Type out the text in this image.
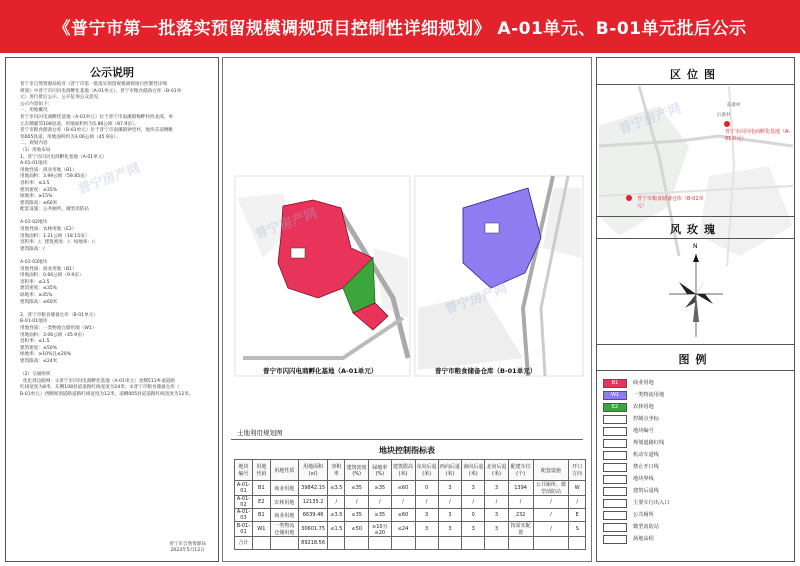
《普宁市第一批落实预留规模调规项目控制性详细规划》 A-01单元、B-01单元批后公示
公示说明
普宁市自然资源局拟对《普宁市第一批落实预留规模调规项目控制性详细
规划》中普宁市闪闪电商孵化基地（A-01单元）、普宁市粮食储备仓库（B-01单
元）进行批后公示，公开征询公众意见。
公示内容如下：
一、用地概况
普宁市闪闪电商孵化基地（A-01单元）位于普宁市南溪镇梅畔村西北部，单
元东侧紧邻108县道，用地面积约为5.86公顷（87.9亩）。
普宁市粮食储备仓库（B-01单元）位于普宁市南溪镇钟堂村，地块东南侧毗
邻005县道，用地面积约为3.06公顷（45.9亩）。
二、规划内容
（1）用地布局
1、普宁市闪闪电商孵化基地（A-01单元）
A-01-01地块
用地性质：商业用地（B1）
用地面积：3.99公顷（59.85亩）
容积率：≤3.5
建筑密度：≤35%
绿地率：≥15%
建筑限高：≤60米
配套设施：公共厕所、微型消防站
A-01-02地块
用地性质：农林用地（E2）
用地面积：1.21公顷（18.15亩）
容积率：/；建筑密度：/；绿地率：/；
建筑限高：/
A-01-03地块
用地性质：商业用地（B1）
用地面积：0.66公顷（9.9亩）
容积率：≤3.5
建筑密度：≤35%
绿地率：≥35%
建筑限高：≤60米
2、普宁市粮食储备仓库（B-01单元）
B-01-01地块
用地性质：一类物流仓储用地（W1）
用地面积：3.06公顷（45.9亩）
容积率：≤1.5
建筑密度：≤50%
绿地率：≥10%且≤20%
建筑限高：≤24米
（2）交通组织
优化周边路网：①普宁市闪闪电商孵化基地（A-01单元）北侧511乡道道路
红线宽度为8米，东侧108县道道路红线宽度为24米；②普宁市粮食储备仓库（
B-01单元）西侧规划道路道路红线宽度为12米，南侧005县道道路红线宽度为12米。
普宁市自然资源局
2023年5月12日
普宁房产网
普宁市闪闪电商孵化基地（A-01单元）	普宁市粮食储备仓库（B-01单元）
土地利用规划图
地块控制指标表
普宁房产网
普宁房产网
地块编号	用地代码	用地性质	用地面积(㎡)	容积率	建筑密度(%)	绿地率(%)	建筑限高(米)	东向后退(米)	西向后退(米)	南向后退(米)	北向后退(米)	配建车位(个)	配套设施	开口方向
A-01-01	B1	商业用地	39842.15	≤3.5	≤35	≥35	≤60	0	3	3	3	1394	公共厕所、微型消防站	W
A-01-02	E2	农林用地	12135.2	/	/	/	/	/	/	/	/	/	/	/
A-01-03	B1	商业用地	6639.46	≤3.5	≤35	≥35	≤60	3	3	0	3	232	/	E
B-01-01	W1	一类物流仓储用地	30601.75	≤1.5	≤50	≥10且≤20	≤24	3	3	3	3	按需实配置	/	S
合计			89218.56											
区位图
普宁市闪闪电商孵化基地（A-01单元）
普宁市粮食储备仓库（B-01单元）
前寨村
后寨村
普宁房产网
风玫瑰
N
图例
B1	商业用地
W1	一类物流用地
E2	农林用地
控制点坐标
地块编号
规划道路红线
机动车道线
禁止开口线
地块界线
建筑后退线
主要车行出入口
公共厕所
微型消防站
场地高程
